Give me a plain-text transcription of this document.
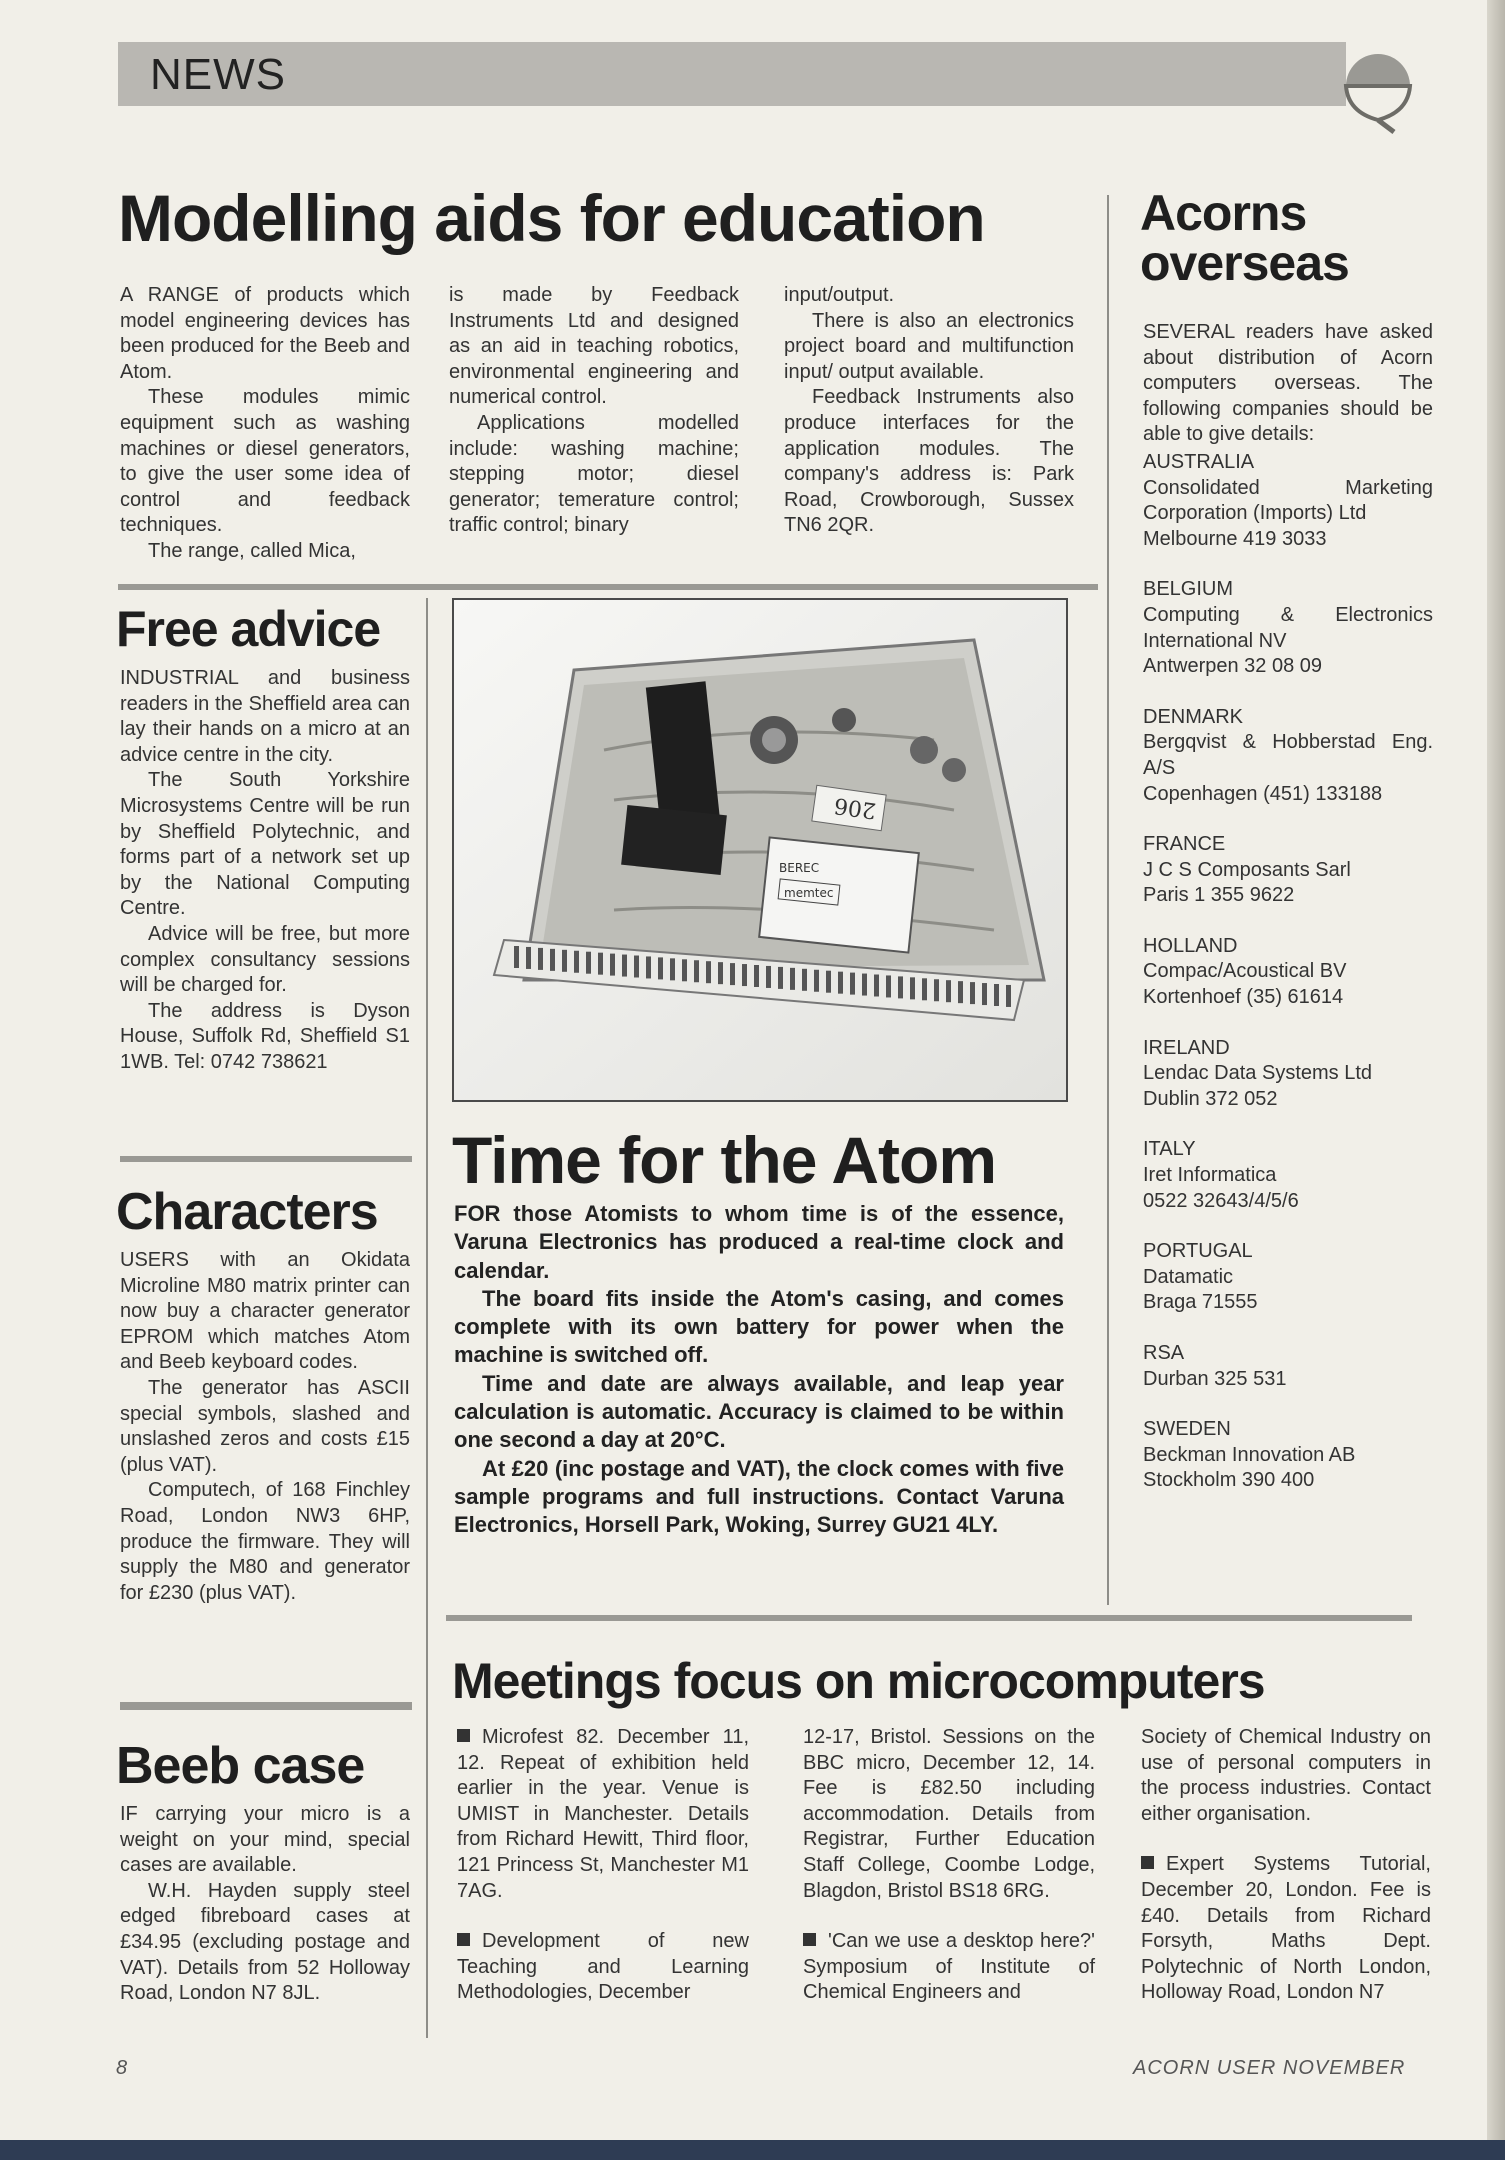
NEWS
Modelling aids for education

A RANGE of products which model engineering devices has been produced for the Beeb and Atom.

These modules mimic equipment such as washing machines or diesel generators, to give the user some idea of control and feedback techniques.

The range, called Mica,

is made by Feedback Instruments Ltd and designed as an aid in teaching robotics, environmental engineering and numerical control.

Applications modelled include: washing machine; stepping motor; diesel generator; temerature control; traffic control; binary

input/output.

There is also an electronics project board and multifunction input/ output available.

Feedback Instruments also produce interfaces for the application modules. The company's address is: Park Road, Crowborough, Sussex TN6 2QR.

Acorns overseas

SEVERAL readers have asked about distribution of Acorn computers overseas. The following companies should be able to give details:

AUSTRALIA
Consolidated Marketing Corporation (Imports) Ltd
Melbourne 419 3033
BELGIUM
Computing & Electronics International NV
Antwerpen 32 08 09
DENMARK
Bergqvist & Hobberstad Eng. A/S
Copenhagen (451) 133188
FRANCE
J C S Composants Sarl
Paris 1 355 9622
HOLLAND
Compac/Acoustical BV
Kortenhoef (35) 61614
IRELAND
Lendac Data Systems Ltd
Dublin 372 052
ITALY
Iret Informatica
0522 32643/4/5/6
PORTUGAL
Datamatic
Braga 71555
RSA
Durban 325 531
SWEDEN
Beckman Innovation AB
Stockholm 390 400
Free advice

INDUSTRIAL and business readers in the Sheffield area can lay their hands on a micro at an advice centre in the city.

The South Yorkshire Microsystems Centre will be run by Sheffield Polytechnic, and forms part of a network set up by the National Computing Centre.

Advice will be free, but more complex consultancy sessions will be charged for.

The address is Dyson House, Suffolk Rd, Sheffield S1 1WB. Tel: 0742 738621

206
BEREC
memtec
Time for the Atom

FOR those Atomists to whom time is of the essence, Varuna Electronics has produced a real-time clock and calendar.

The board fits inside the Atom's casing, and comes complete with its own battery for power when the machine is switched off.

Time and date are always available, and leap year calculation is automatic. Accuracy is claimed to be within one second a day at 20°C.

At £20 (inc postage and VAT), the clock comes with five sample programs and full instructions. Contact Varuna Electronics, Horsell Park, Woking, Surrey GU21 4LY.

Characters

USERS with an Okidata Microline M80 matrix printer can now buy a character generator EPROM which matches Atom and Beeb keyboard codes.

The generator has ASCII special symbols, slashed and unslashed zeros and costs £15 (plus VAT).

Computech, of 168 Finchley Road, London NW3 6HP, produce the firmware. They will supply the M80 and generator for £230 (plus VAT).

Beeb case

IF carrying your micro is a weight on your mind, special cases are available.

W.H. Hayden supply steel edged fibreboard cases at £34.95 (excluding postage and VAT). Details from 52 Holloway Road, London N7 8JL.

Meetings focus on microcomputers

Microfest 82. December 11, 12. Repeat of exhibition held earlier in the year. Venue is UMIST in Manchester. Details from Richard Hewitt, Third floor, 121 Princess St, Manchester M1 7AG.

Development of new Teaching and Learning Methodologies, December

12-17, Bristol. Sessions on the BBC micro, December 12, 14. Fee is £82.50 including accommodation. Details from Registrar, Further Education Staff College, Coombe Lodge, Blagdon, Bristol BS18 6RG.

'Can we use a desktop here?' Symposium of Institute of Chemical Engineers and

Society of Chemical Industry on use of personal computers in the process industries. Contact either organisation.

Expert Systems Tutorial, December 20, London. Fee is £40. Details from Richard Forsyth, Maths Dept. Polytechnic of North London, Holloway Road, London N7

8	ACORN USER NOVEMBER
